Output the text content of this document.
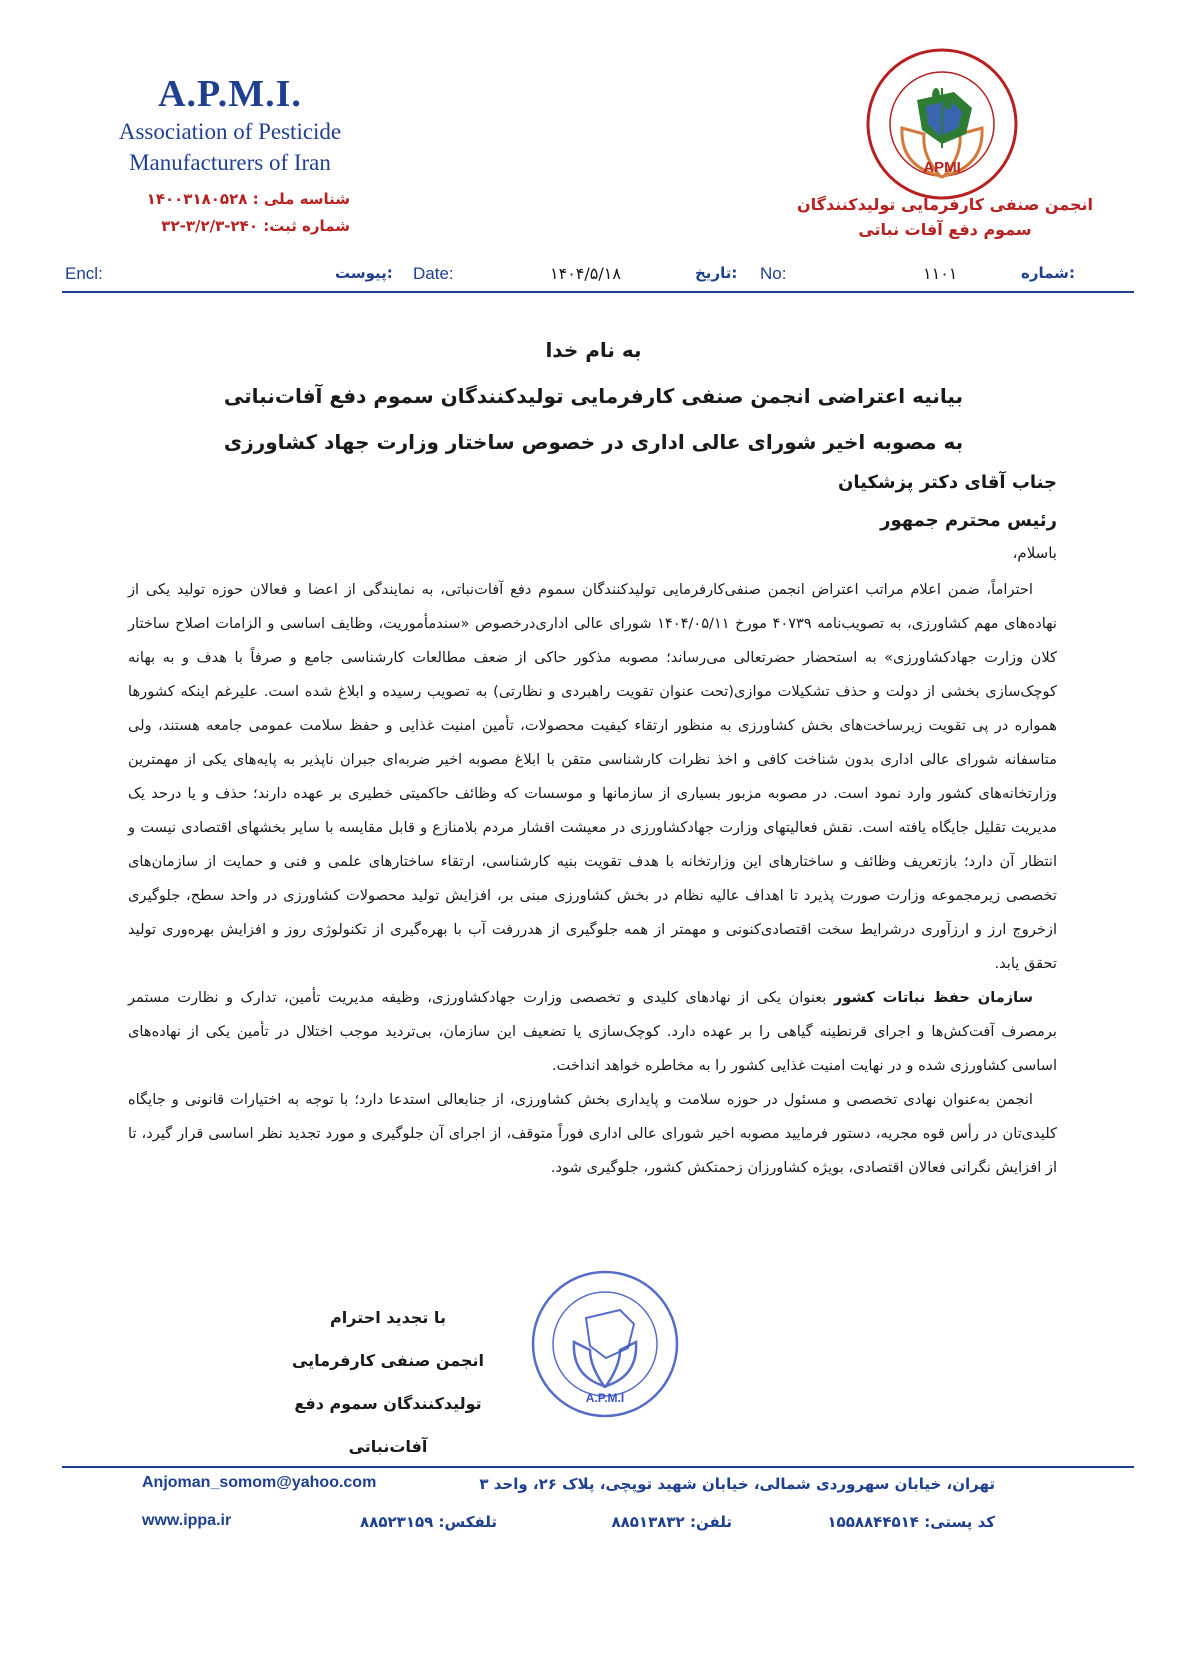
A.P.M.I.
Association of Pesticide
Manufacturers of Iran
شناسه ملی : ۱۴۰۰۳۱۸۰۵۲۸
شماره ثبت: ۲۴۰-۳/۲/۳-۳۲
APMI
انجمن صنفی کارفرمایی تولیدکنندگان
سموم دفع آفات نباتی
Encl:	پیوست: Date:	۱۴۰۴/۵/۱۸	تاریخ: No:	۱۱۰۱	شماره:
به نام خدا
بیانیه اعتراضی انجمن صنفی کارفرمایی تولیدکنندگان سموم دفع آفات‌نباتی
به مصوبه اخیر شورای عالی اداری در خصوص ساختار وزارت جهاد کشاورزی
جناب آقای دکتر پزشکیان
رئیس محترم جمهور
باسلام،

احتراماً، ضمن اعلام مراتب اعتراض انجمن صنفی‌کارفرمایی تولیدکنندگان سموم دفع آفات‌نباتی، به نمایندگی از اعضا و فعالان حوزه تولید یکی از نهاده‌های مهم کشاورزی، به تصویب‌نامه ۴۰۷۳۹ مورخ ۱۴۰۴/۰۵/۱۱ شورای عالی اداری‌درخصوص «سندمأموریت، وظایف اساسی و الزامات اصلاح ساختار کلان وزارت جهادکشاورزی» به استحضار حضرتعالی می‌رساند؛ مصوبه مذکور حاکی از ضعف مطالعات کارشناسی جامع و صرفاً با هدف و به بهانه کوچک‌سازی بخشی از دولت و حذف تشکیلات موازی(تحت عنوان تقویت راهبردی و نظارتی) به تصویب رسیده و ابلاغ شده است. علیرغم اینکه کشورها همواره در پی تقویت زیرساخت‌های بخش کشاورزی به منظور ارتقاء کیفیت محصولات، تأمین امنیت غذایی و حفظ سلامت عمومی جامعه هستند، ولی متاسفانه شورای عالی اداری بدون شناخت کافی و اخذ نظرات کارشناسی متقن با ابلاغ مصوبه اخیر ضربه‌ای جبران ناپذیر به پایه‌های یکی از مهمترین وزارتخانه‌های کشور وارد نمود است. در مصوبه مزبور بسیاری از سازمانها و موسسات که وظائف حاکمیتی خطیری بر عهده دارند؛ حذف و یا درحد یک مدیریت تقلیل جایگاه یافته است. نقش فعالیتهای وزارت جهادکشاورزی در معیشت اقشار مردم بلامنازع و قابل مقایسه با سایر بخشهای اقتصادی نیست و انتظار آن دارد؛ بازتعریف وظائف و ساختارهای این وزارتخانه با هدف تقویت بنیه کارشناسی، ارتقاء ساختارهای علمی و فنی و حمایت از سازمان‌های تخصصی زیرمجموعه وزارت صورت پذیرد تا اهداف عالیه نظام در بخش کشاورزی مبنی بر، افزایش تولید محصولات کشاورزی در واحد سطح، جلوگیری ازخروج ارز و ارزآوری درشرایط سخت اقتصادی‌کنونی و مهمتر از همه جلوگیری از هدررفت آب با بهره‌گیری از تکنولوژی روز و افزایش بهره‌وری تولید تحقق یابد.

سازمان حفظ نباتات کشور بعنوان یکی از نهادهای کلیدی و تخصصی وزارت جهادکشاورزی، وظیفه مدیریت تأمین، تدارک و نظارت مستمر برمصرف آفت‌کش‌ها و اجرای قرنطینه گیاهی را بر عهده دارد. کوچک‌سازی یا تضعیف این سازمان، بی‌تردید موجب اختلال در تأمین یکی از نهاده‌های اساسی کشاورزی شده و در نهایت امنیت غذایی کشور را به مخاطره خواهد انداخت.

انجمن به‌عنوان نهادی تخصصی و مسئول در حوزه سلامت و پایداری بخش کشاورزی، از جنابعالی استدعا دارد؛ با توجه به اختیارات قانونی و جایگاه کلیدی‌تان در رأس قوه مجریه، دستور فرمایید مصوبه اخیر شورای عالی اداری فوراً متوقف، از اجرای آن جلوگیری و مورد تجدید نظر اساسی قرار گیرد، تا از افزایش نگرانی فعالان اقتصادی، بویژه کشاورزان زحمتکش کشور، جلوگیری شود.

با تجدید احترام
انجمن صنفی کارفرمایی
تولیدکنندگان سموم دفع آفات‌نباتی
A.P.M.I
Anjoman_somom@yahoo.com
www.ippa.ir
تهران، خیابان سهروردی شمالی، خیابان شهید توپچی، پلاک ۲۶، واحد ۳
تلفکس: ۸۸۵۲۳۱۵۹	تلفن: ۸۸۵۱۳۸۳۲	کد پستی: ۱۵۵۸۸۴۴۵۱۴
